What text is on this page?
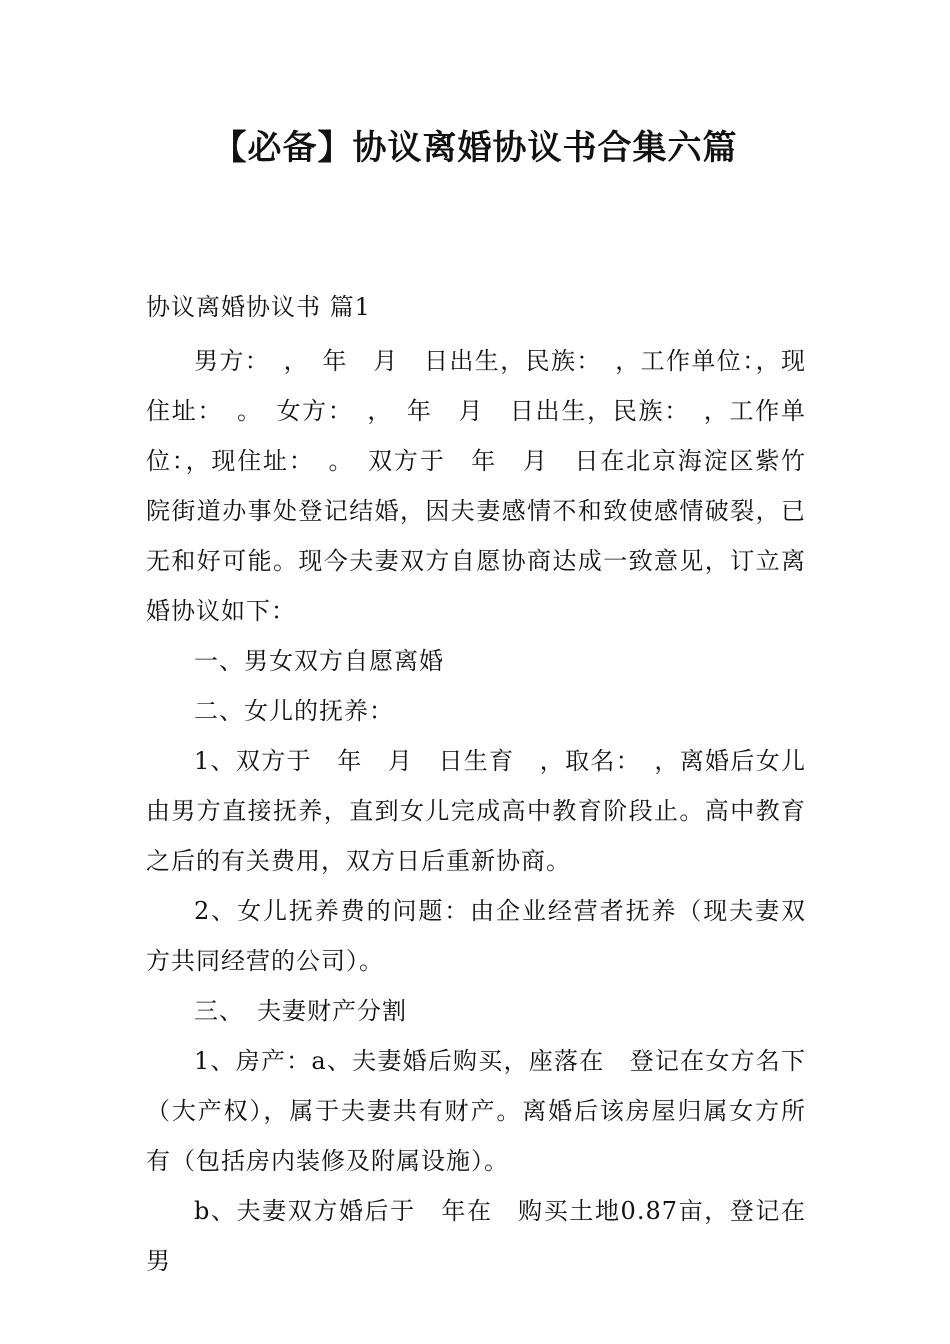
【必备】协议离婚协议书合集六篇

协议离婚协议书 篇1

男方：　，　年　月　日出生，民族：　，工作单位：，现住址：　。　女方：　，　年　月　日出生，民族：　，工作单位：，现住址：　。　双方于　年　月　日在北京海淀区紫竹院街道办事处登记结婚，因夫妻感情不和致使感情破裂，已无和好可能。现今夫妻双方自愿协商达成一致意见，订立离婚协议如下：

一、男女双方自愿离婚

二、女儿的抚养：

1、双方于　年　月　日生育　，取名：　，离婚后女儿由男方直接抚养，直到女儿完成高中教育阶段止。高中教育之后的有关费用，双方日后重新协商。

2、女儿抚养费的问题：由企业经营者抚养（现夫妻双方共同经营的公司）。

三、　夫妻财产分割

1、房产：a、夫妻婚后购买，座落在　登记在女方名下（大产权），属于夫妻共有财产。离婚后该房屋归属女方所有（包括房内装修及附属设施）。

b、夫妻双方婚后于　年在　购买土地0.87亩，登记在男
